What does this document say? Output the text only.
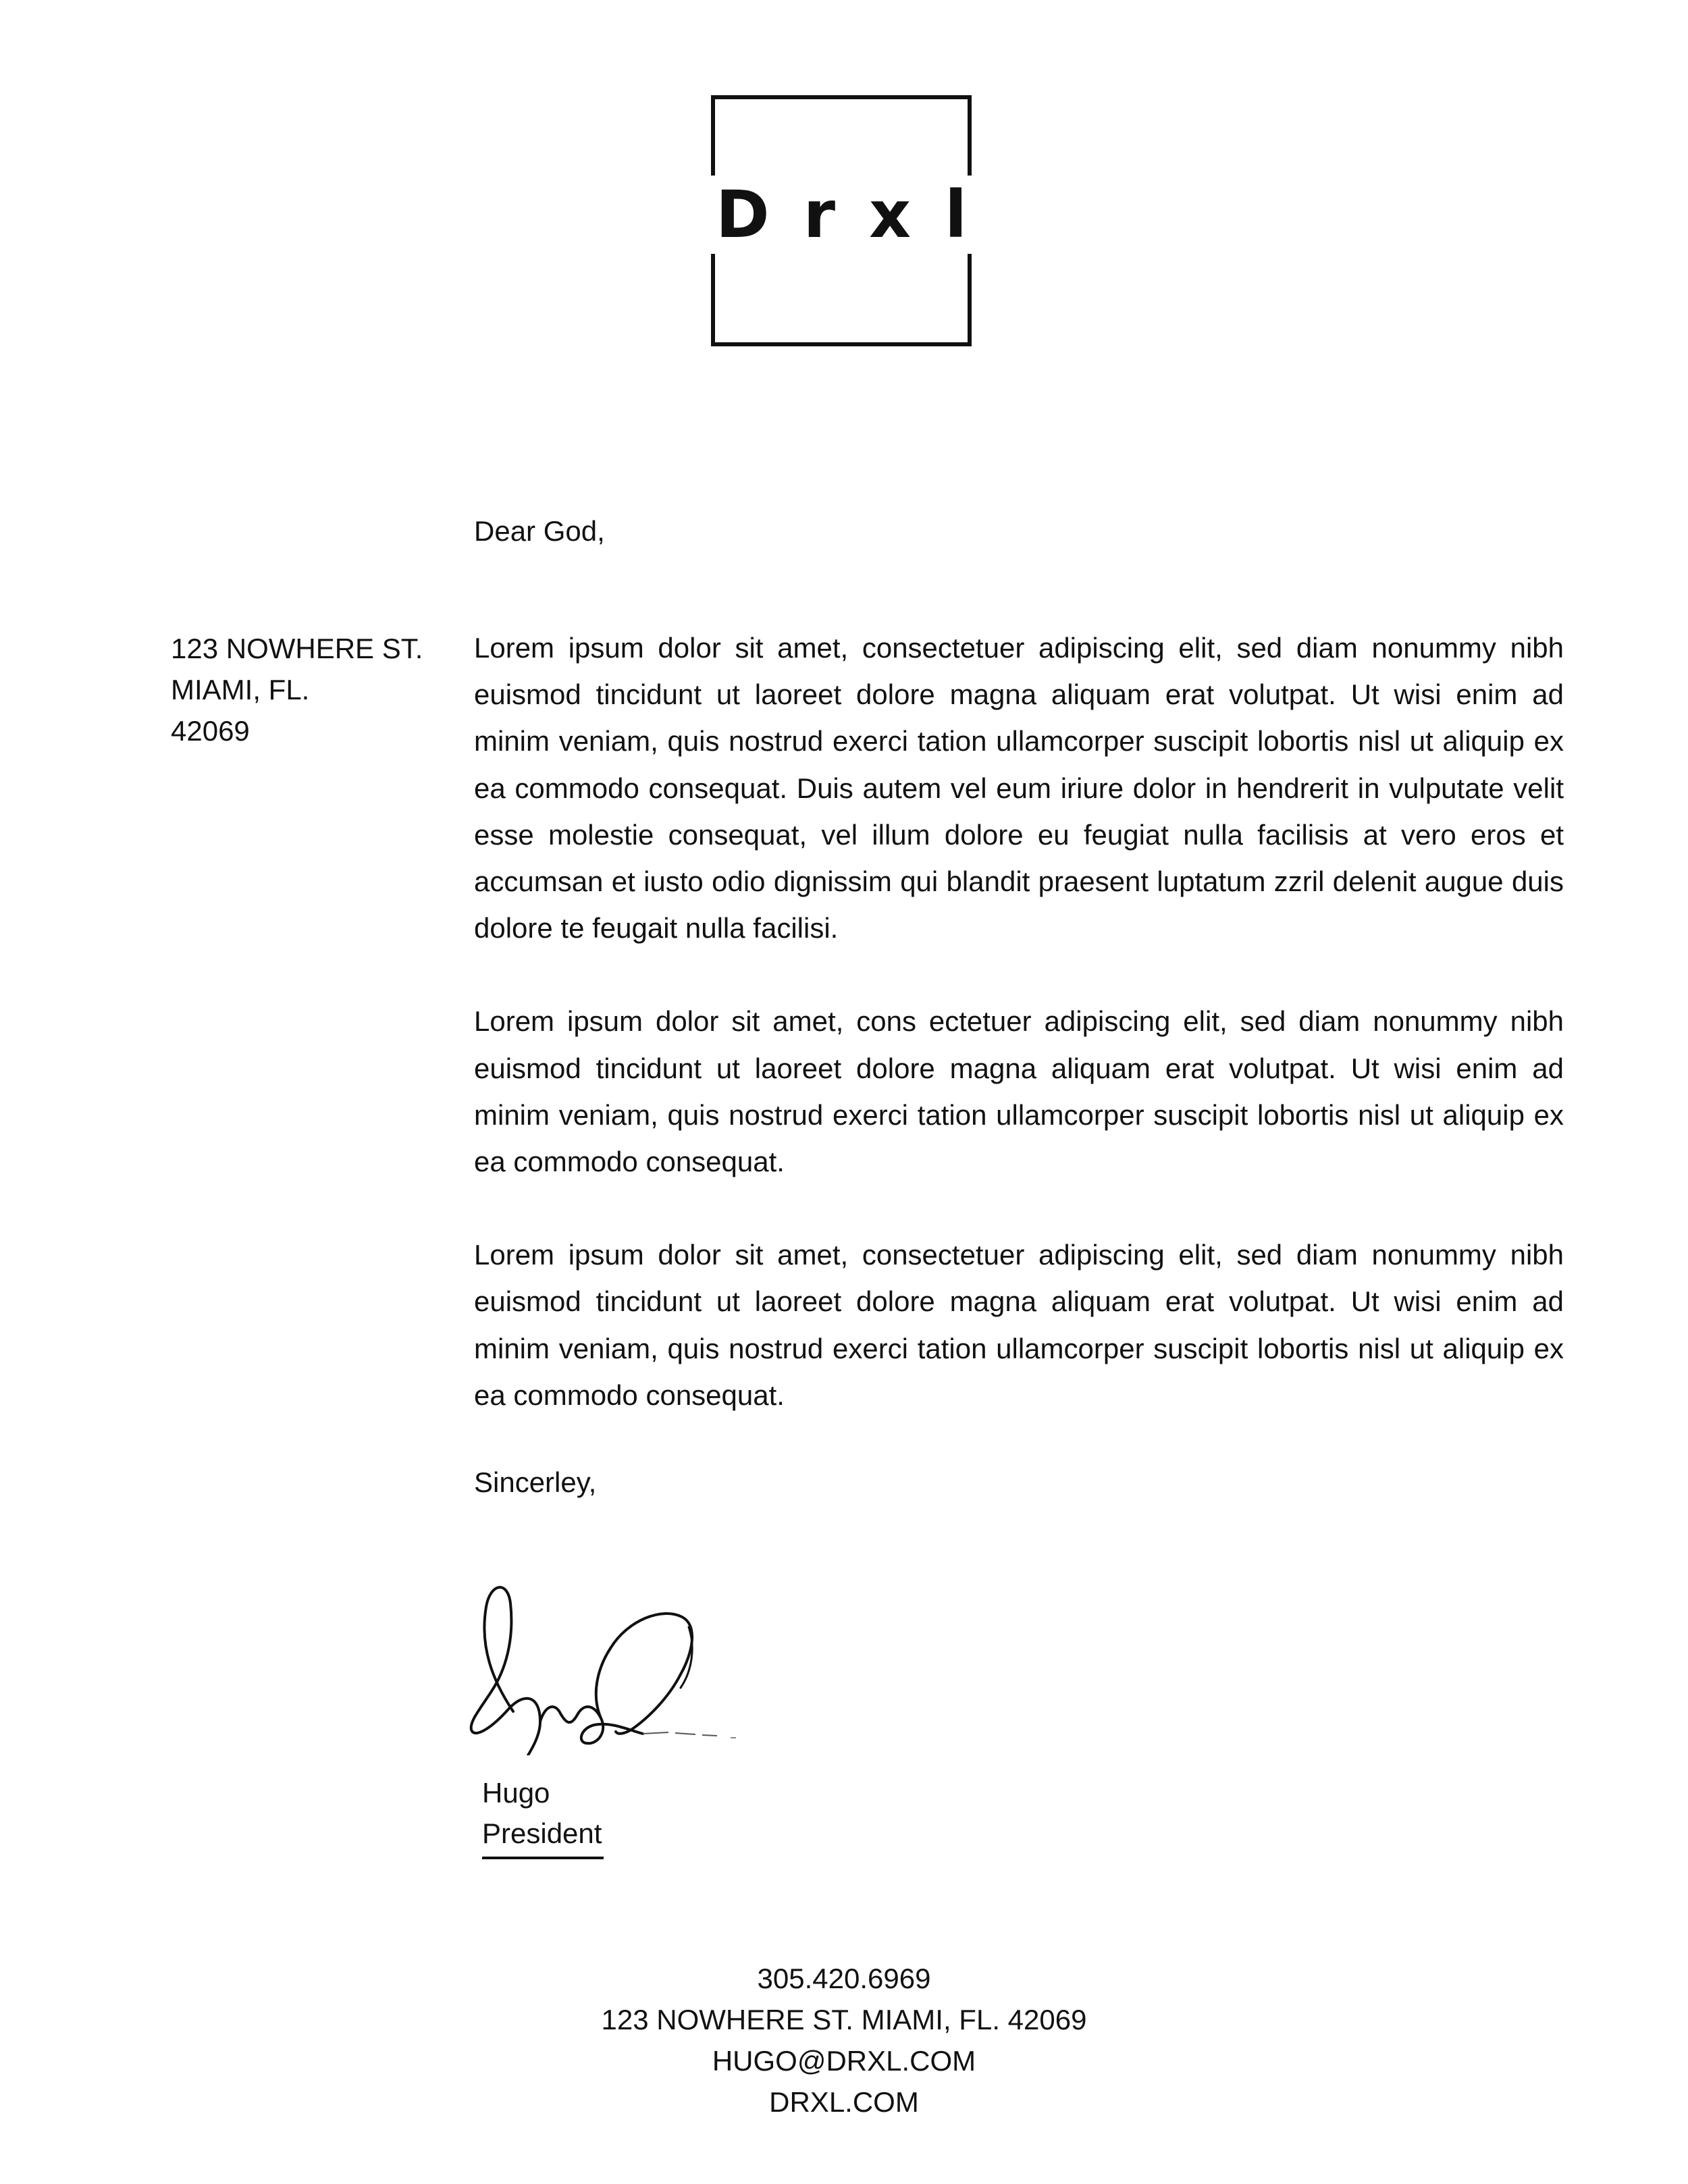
Drxl

Dear God,

123 NOWHERE ST.
MIAMI, FL.
42069

Lorem ipsum dolor sit amet, consectetuer adipiscing elit, sed diam nonummy nibh euismod tincidunt ut laoreet dolore magna aliquam erat volutpat. Ut wisi enim ad minim veniam, quis nostrud exerci tation ullamcorper suscipit lobortis nisl ut aliquip ex ea commodo consequat. Duis autem vel eum iriure dolor in hendrerit in vulputate velit esse molestie consequat, vel illum dolore eu feugiat nulla facilisis at vero eros et accumsan et iusto odio dignissim qui blandit praesent luptatum zzril delenit augue duis dolore te feugait nulla facilisi.

Lorem ipsum dolor sit amet, cons ectetuer adipiscing elit, sed diam nonummy nibh euismod tincidunt ut laoreet dolore magna aliquam erat volutpat. Ut wisi enim ad minim veniam, quis nostrud exerci tation ullamcorper suscipit lobortis nisl ut aliquip ex ea commodo consequat.

Lorem ipsum dolor sit amet, consectetuer adipiscing elit, sed diam nonummy nibh euismod tincidunt ut laoreet dolore magna aliquam erat volutpat. Ut wisi enim ad minim veniam, quis nostrud exerci tation ullamcorper suscipit lobortis nisl ut aliquip ex ea commodo consequat.

Sincerley,

Hugo
President
305.420.6969
123 NOWHERE ST. MIAMI, FL. 42069
HUGO@DRXL.COM
DRXL.COM
